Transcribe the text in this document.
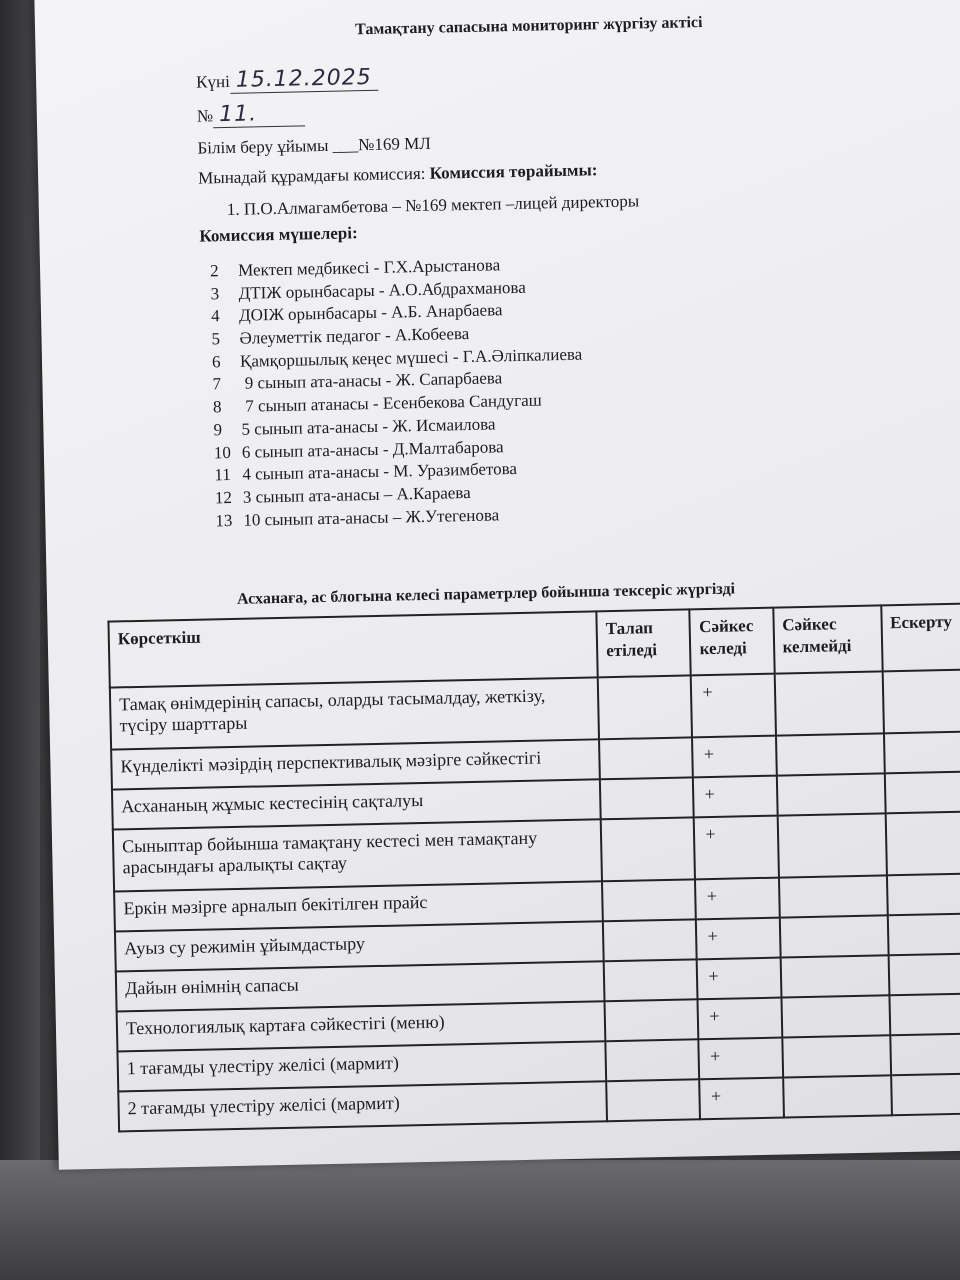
Тамақтану сапасына мониторинг жүргізу актісі
Күні 15.12.2025
№ 11.
Білім беру ұйымы ___№169 МЛ
Мынадай құрамдағы комиссия: Комиссия төрайымы:
1. П.О.Алмагамбетова – №169 мектеп –лицей директоры
Комиссия мүшелері:
2 Мектеп медбикесі - Г.Х.Арыстанова
3 ДТІЖ орынбасары - А.О.Абдрахманова
4 ДОІЖ орынбасары - А.Б. Анарбаева
5 Әлеуметтік педагог - А.Кобеева
6 Қамқоршылық кеңес мүшесі - Г.А.Әліпкалиева
7 9 сынып ата-анасы - Ж. Сапарбаева
8 7 сынып атанасы - Есенбекова Сандугаш
9 5 сынып ата-анасы - Ж. Исмаилова
10 6 сынып ата-анасы - Д.Малтабарова
11 4 сынып ата-анасы - М. Уразимбетова
12 3 сынып ата-анасы – А.Караева
13 10 сынып ата-анасы – Ж.Утегенова
Асханаға, ас блогына келесі параметрлер бойынша тексеріс жүргізді
Көрсеткіш	Талап етіледі	Сәйкес келеді	Сәйкес келмейді	Ескерту
Тамақ өнімдерінің сапасы, оларды тасымалдау, жеткізу, түсіру шарттары		+		
Күнделікті мәзірдің перспективалық мәзірге сәйкестігі		+		
Асхананың жұмыс кестесінің сақталуы		+		
Сыныптар бойынша тамақтану кестесі мен тамақтану арасындағы аралықты сақтау		+		
Еркін мәзірге арналып бекітілген прайс		+		
Ауыз су режимін ұйымдастыру		+		
Дайын өнімнің сапасы		+		
Технологиялық картаға сәйкестігі (меню)		+		
1 тағамды үлестіру желісі (мармит)		+		
2 тағамды үлестіру желісі (мармит)		+		
